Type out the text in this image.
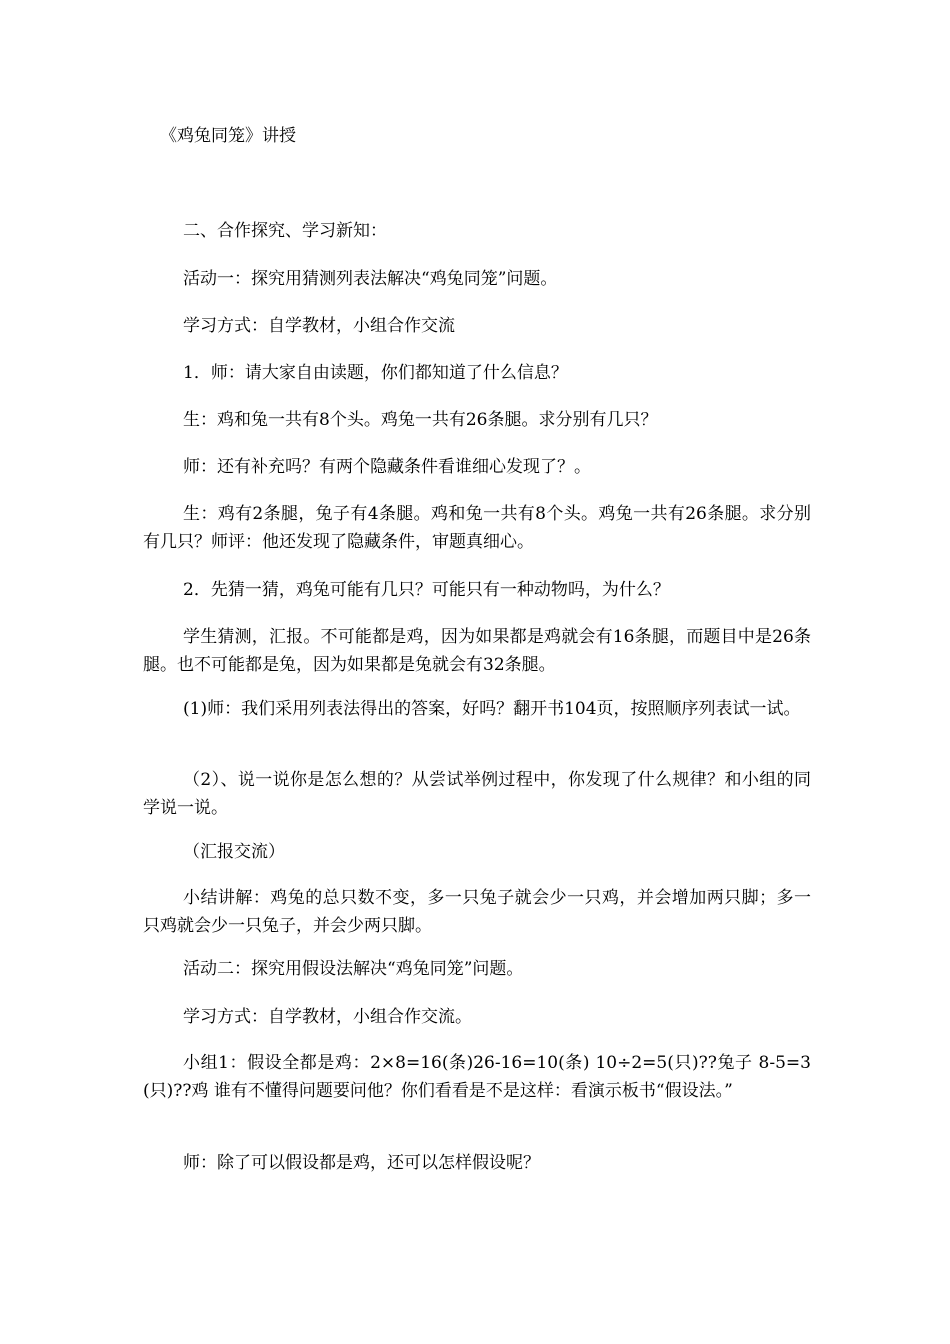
《鸡兔同笼》讲授

二、合作探究、学习新知：

活动一：探究用猜测列表法解决“鸡兔同笼”问题。

学习方式：自学教材，小组合作交流

1．师：请大家自由读题，你们都知道了什么信息？

生：鸡和兔一共有8个头。鸡兔一共有26条腿。求分别有几只？

师：还有补充吗？有两个隐藏条件看谁细心发现了？。

生：鸡有2条腿，兔子有4条腿。鸡和兔一共有8个头。鸡兔一共有26条腿。求分别有几只？师评：他还发现了隐藏条件，审题真细心。

2．先猜一猜，鸡兔可能有几只？可能只有一种动物吗，为什么？

学生猜测，汇报。不可能都是鸡，因为如果都是鸡就会有16条腿，而题目中是26条腿。也不可能都是兔，因为如果都是兔就会有32条腿。

(1)师：我们采用列表法得出的答案，好吗？翻开书104页，按照顺序列表试一试。

（2）、说一说你是怎么想的？从尝试举例过程中，你发现了什么规律？和小组的同学说一说。

（汇报交流）

小结讲解：鸡兔的总只数不变，多一只兔子就会少一只鸡，并会增加两只脚；多一只鸡就会少一只兔子，并会少两只脚。

活动二：探究用假设法解决“鸡兔同笼”问题。

学习方式：自学教材，小组合作交流。

小组1：假设全都是鸡：2×8=16(条)26-16=10(条) 10÷2=5(只)??兔子 8-5=3(只)??鸡 谁有不懂得问题要问他？你们看看是不是这样：看演示板书“假设法。”

师：除了可以假设都是鸡，还可以怎样假设呢？
